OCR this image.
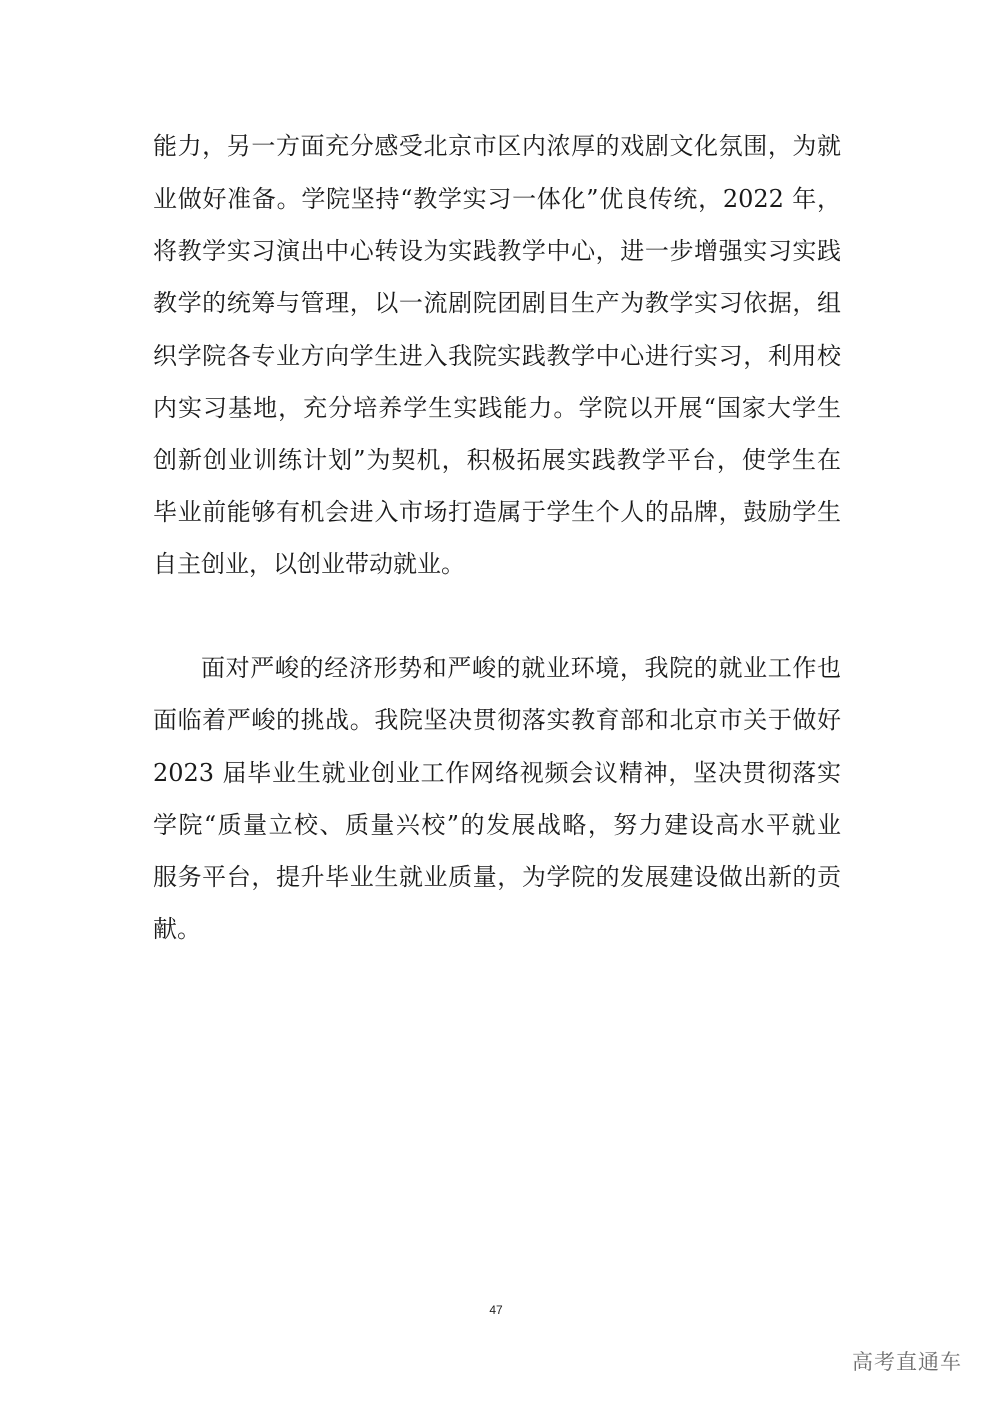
能力，另一方面充分感受北京市区内浓厚的戏剧文化氛围，为就
业做好准备。学院坚持“教学实习一体化”优良传统，2022 年，
将教学实习演出中心转设为实践教学中心，进一步增强实习实践
教学的统筹与管理，以一流剧院团剧目生产为教学实习依据，组
织学院各专业方向学生进入我院实践教学中心进行实习，利用校
内实习基地，充分培养学生实践能力。学院以开展“国家大学生
创新创业训练计划”为契机，积极拓展实践教学平台，使学生在
毕业前能够有机会进入市场打造属于学生个人的品牌，鼓励学生
自主创业，以创业带动就业。
面对严峻的经济形势和严峻的就业环境，我院的就业工作也
面临着严峻的挑战。我院坚决贯彻落实教育部和北京市关于做好
2023 届毕业生就业创业工作网络视频会议精神，坚决贯彻落实
学院“质量立校、质量兴校”的发展战略，努力建设高水平就业
服务平台，提升毕业生就业质量，为学院的发展建设做出新的贡
献。
47
高考直通车
